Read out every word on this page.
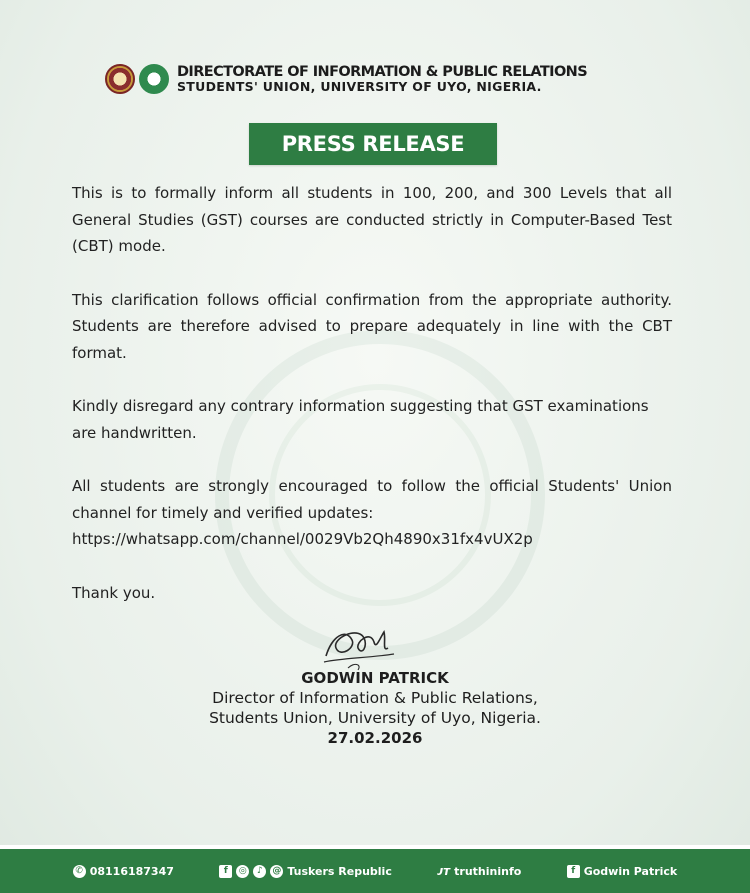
DIRECTORATE OF INFORMATION & PUBLIC RELATIONS
STUDENTS' UNION, UNIVERSITY OF UYO, NIGERIA.
PRESS RELEASE

This is to formally inform all students in 100, 200, and 300 Levels that all General Studies (GST) courses are conducted strictly in Computer-Based Test (CBT) mode.

This clarification follows official confirmation from the appropriate authority. Students are therefore advised to prepare adequately in line with the CBT format.

Kindly disregard any contrary information suggesting that GST examinations are handwritten.

All students are strongly encouraged to follow the official Students' Union channel for timely and verified updates:
https://whatsapp.com/channel/0029Vb2Qh4890x31fx4vUX2p

Thank you.

GODWIN PATRICK
Director of Information & Public Relations,
Students Union, University of Uyo, Nigeria.
27.02.2026
✆ 08116187347	f	◎	♪	@ Tuskers Republic	ᴊᴛ truthininfo	f Godwin Patrick
